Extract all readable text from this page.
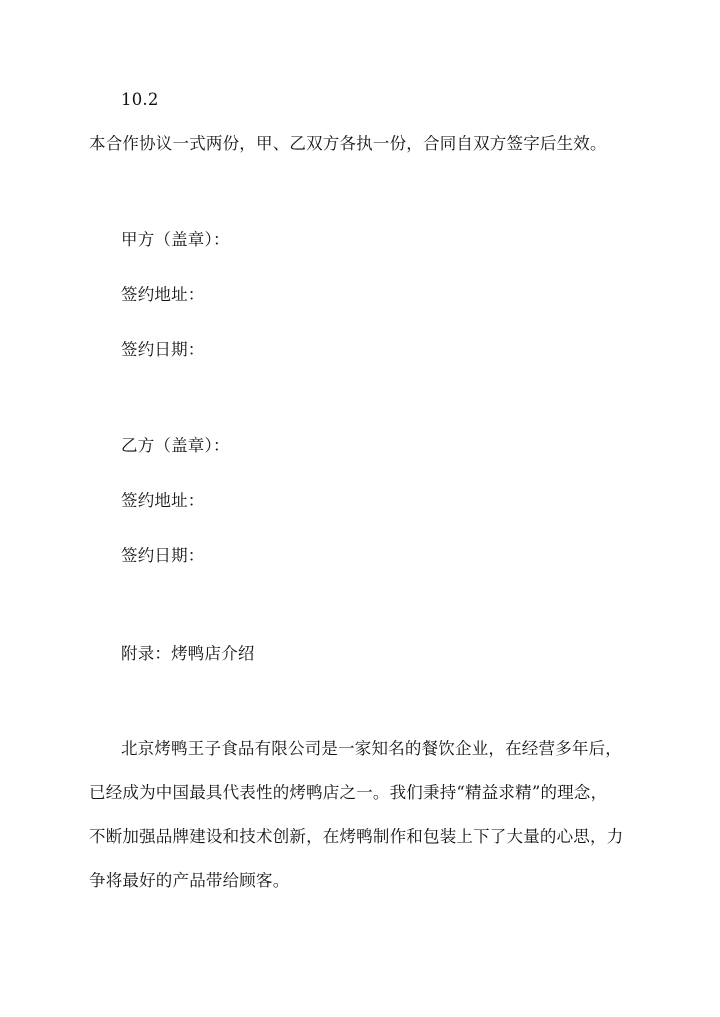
10.2
本合作协议一式两份，甲、乙双方各执一份，合同自双方签字后生效。
甲方（盖章）：
签约地址：
签约日期：
乙方（盖章）：
签约地址：
签约日期：
附录：烤鸭店介绍
北京烤鸭王子食品有限公司是一家知名的餐饮企业，在经营多年后，
已经成为中国最具代表性的烤鸭店之一。我们秉持“精益求精”的理念，
不断加强品牌建设和技术创新，在烤鸭制作和包装上下了大量的心思，力
争将最好的产品带给顾客。
